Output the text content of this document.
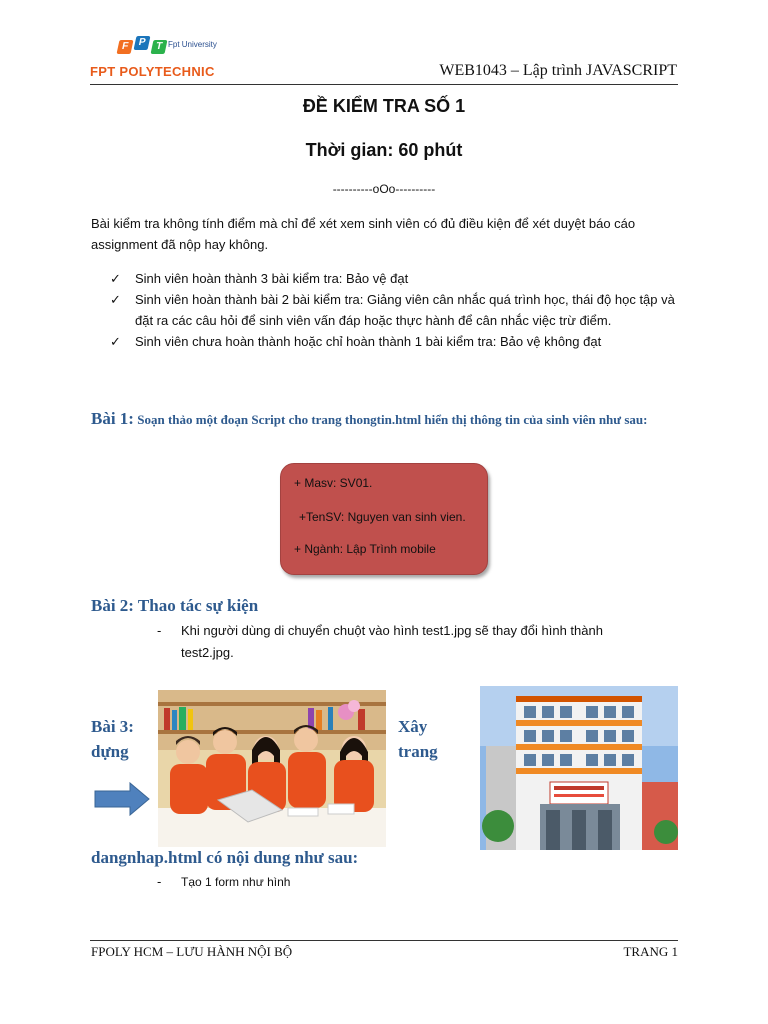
F P T Fpt University
FPT POLYTECHNIC	WEB1043 – Lập trình JAVASCRIPT
ĐỀ KIỂM TRA SỐ 1
Thời gian: 60 phút
----------oOo----------
Bài kiểm tra không tính điểm mà chỉ để xét xem sinh viên có đủ điều kiện để xét duyệt báo cáo assignment đã nộp hay không.
✓ Sinh viên hoàn thành 3 bài kiểm tra: Bảo vệ đạt
✓ Sinh viên hoàn thành bài 2 bài kiểm tra: Giảng viên cân nhắc quá trình học, thái độ học tập và đặt ra các câu hỏi để sinh viên vấn đáp hoặc thực hành để cân nhắc việc trừ điểm.
✓ Sinh viên chưa hoàn thành hoặc chỉ hoàn thành 1 bài kiểm tra: Bảo vệ không đạt
Bài 1: Soạn thảo một đoạn Script cho trang thongtin.html hiển thị thông tin của sinh viên như sau:
+ Masv: SV01.
+TenSV: Nguyen van sinh vien.
+ Ngành: Lập Trình mobile
Bài 2: Thao tác sự kiện
-	Khi người dùng di chuyển chuột vào hình test1.jpg sẽ thay đổi hình thành test2.jpg.
Bài 3:
dựng
Xây
trang
dangnhap.html có nội dung như sau:
-	Tạo 1 form như hình
FPOLY HCM – LƯU HÀNH NỘI BỘ	TRANG 1
